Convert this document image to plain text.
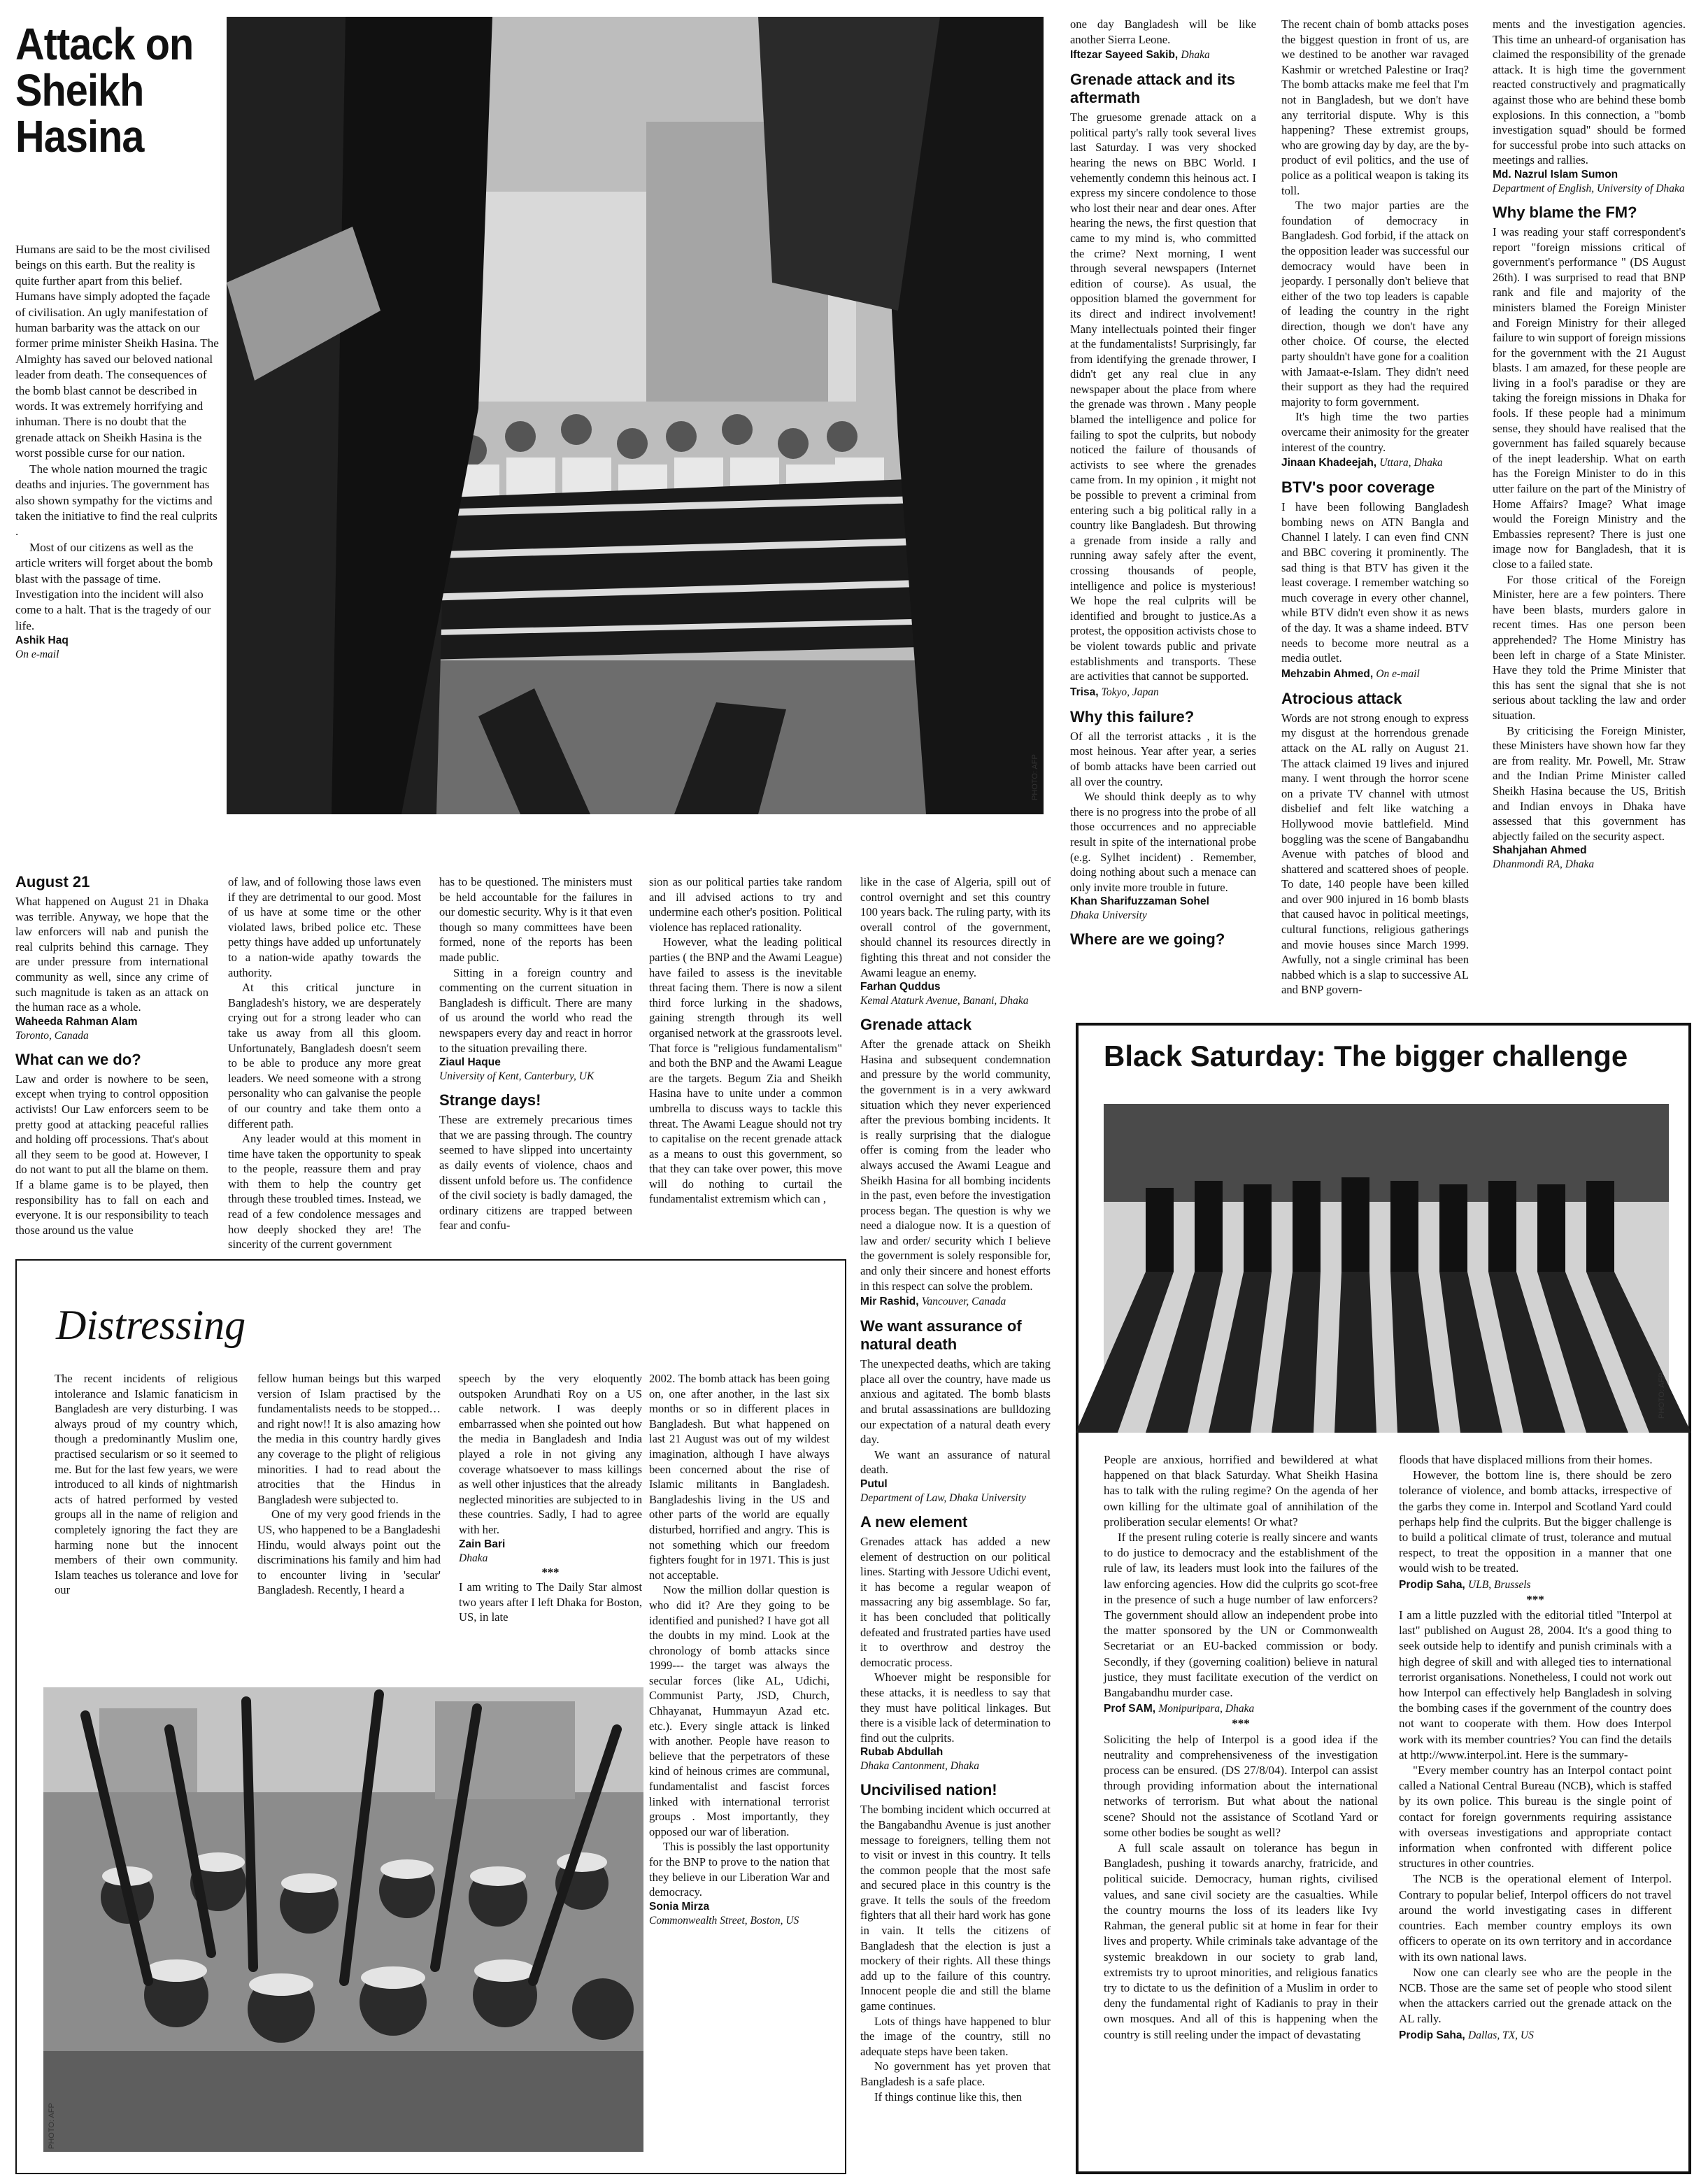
Attack on Sheikh Hasina

Humans are said to be the most civilised beings on this earth. But the reality is quite further apart from this belief. Humans have simply adopted the façade of civilisation. An ugly manifestation of human barbarity was the attack on our former prime minister Sheikh Hasina. The Almighty has saved our beloved national leader from death. The consequences of the bomb blast cannot be described in words. It was extremely horrifying and inhuman. There is no doubt that the grenade attack on Sheikh Hasina is the worst possible curse for our nation.

The whole nation mourned the tragic deaths and injuries. The government has also shown sympathy for the victims and taken the initiative to find the real culprits .

Most of our citizens as well as the article writers will forget about the bomb blast with the passage of time. Investigation into the incident will also come to a halt. That is the tragedy of our life.

Ashik Haq
On e-mail
PHOTO: AFP

one day Bangladesh will be like another Sierra Leone.

Iftezar Sayeed Sakib, Dhaka
Grenade attack and its aftermath

The gruesome grenade attack on a political party's rally took several lives last Saturday. I was very shocked hearing the news on BBC World. I vehemently condemn this heinous act. I express my sincere condolence to those who lost their near and dear ones. After hearing the news, the first question that came to my mind is, who committed the crime? Next morning, I went through several newspapers (Internet edition of course). As usual, the opposition blamed the government for its direct and indirect involvement! Many intellectuals pointed their finger at the fundamentalists! Surprisingly, far from identifying the grenade thrower, I didn't get any real clue in any newspaper about the place from where the grenade was thrown . Many people blamed the intelligence and police for failing to spot the culprits, but nobody noticed the failure of thousands of activists to see where the grenades came from. In my opinion , it might not be possible to prevent a criminal from entering such a big political rally in a country like Bangladesh. But throwing a grenade from inside a rally and running away safely after the event, crossing thousands of people, intelligence and police is mysterious! We hope the real culprits will be identified and brought to justice.As a protest, the opposition activists chose to be violent towards public and private establishments and transports. These are activities that cannot be supported.

Trisa, Tokyo, Japan
Why this failure?

Of all the terrorist attacks , it is the most heinous. Year after year, a series of bomb attacks have been carried out all over the country.

We should think deeply as to why there is no progress into the probe of all those occurrences and no appreciable result in spite of the international probe (e.g. Sylhet incident) . Remember, doing nothing about such a menace can only invite more trouble in future.

Khan Sharifuzzaman Sohel
Dhaka University
Where are we going?

The recent chain of bomb attacks poses the biggest question in front of us, are we destined to be another war ravaged Kashmir or wretched Palestine or Iraq? The bomb attacks make me feel that I'm not in Bangladesh, but we don't have any territorial dispute. Why is this happening? These extremist groups, who are growing day by day, are the by-product of evil politics, and the use of police as a political weapon is taking its toll.

The two major parties are the foundation of democracy in Bangladesh. God forbid, if the attack on the opposition leader was successful our democracy would have been in jeopardy. I personally don't believe that either of the two top leaders is capable of leading the country in the right direction, though we don't have any other choice. Of course, the elected party shouldn't have gone for a coalition with Jamaat-e-Islam. They didn't need their support as they had the required majority to form government.

It's high time the two parties overcame their animosity for the greater interest of the country.

Jinaan Khadeejah, Uttara, Dhaka
BTV's poor coverage

I have been following Bangladesh bombing news on ATN Bangla and Channel I lately. I can even find CNN and BBC covering it prominently. The sad thing is that BTV has given it the least coverage. I remember watching so much coverage in every other channel, while BTV didn't even show it as news of the day. It was a shame indeed. BTV needs to become more neutral as a media outlet.

Mehzabin Ahmed, On e-mail
Atrocious attack

Words are not strong enough to express my disgust at the horrendous grenade attack on the AL rally on August 21. The attack claimed 19 lives and injured many. I went through the horror scene on a private TV channel with utmost disbelief and felt like watching a Hollywood movie battlefield. Mind boggling was the scene of Bangabandhu Avenue with patches of blood and shattered and scattered shoes of people. To date, 140 people have been killed and over 900 injured in 16 bomb blasts that caused havoc in political meetings, cultural functions, religious gatherings and movie houses since March 1999. Awfully, not a single criminal has been nabbed which is a slap to successive AL and BNP govern-

ments and the investigation agencies. This time an unheard-of organisation has claimed the responsibility of the grenade attack. It is high time the government reacted constructively and pragmatically against those who are behind these bomb explosions. In this connection, a "bomb investigation squad" should be formed for successful probe into such attacks on meetings and rallies.

Md. Nazrul Islam Sumon
Department of English, University of Dhaka
Why blame the FM?

I was reading your staff correspondent's report "foreign missions critical of government's performance " (DS August 26th). I was surprised to read that BNP rank and file and majority of the ministers blamed the Foreign Minister and Foreign Ministry for their alleged failure to win support of foreign missions for the government with the 21 August blasts. I am amazed, for these people are living in a fool's paradise or they are taking the foreign missions in Dhaka for fools. If these people had a minimum sense, they should have realised that the government has failed squarely because of the inept leadership. What on earth has the Foreign Minister to do in this utter failure on the part of the Ministry of Home Affairs? Image? What image would the Foreign Ministry and the Embassies represent? There is just one image now for Bangladesh, that it is close to a failed state.

For those critical of the Foreign Minister, here are a few pointers. There have been blasts, murders galore in recent times. Has one person been apprehended? The Home Ministry has been left in charge of a State Minister. Have they told the Prime Minister that this has sent the signal that she is not serious about tackling the law and order situation.

By criticising the Foreign Minister, these Ministers have shown how far they are from reality. Mr. Powell, Mr. Straw and the Indian Prime Minister called Sheikh Hasina because the US, British and Indian envoys in Dhaka have assessed that this government has abjectly failed on the security aspect.

Shahjahan Ahmed
Dhanmondi RA, Dhaka
August 21

What happened on August 21 in Dhaka was terrible. Anyway, we hope that the law enforcers will nab and punish the real culprits behind this carnage. They are under pressure from international community as well, since any crime of such magnitude is taken as an attack on the human race as a whole.

Waheeda Rahman Alam
Toronto, Canada
What can we do?

Law and order is nowhere to be seen, except when trying to control opposition activists! Our Law enforcers seem to be pretty good at attacking peaceful rallies and holding off processions. That's about all they seem to be good at. However, I do not want to put all the blame on them. If a blame game is to be played, then responsibility has to fall on each and everyone. It is our responsibility to teach those around us the value

of law, and of following those laws even if they are detrimental to our good. Most of us have at some time or the other violated laws, bribed police etc. These petty things have added up unfortunately to a nation-wide apathy towards the authority.

At this critical juncture in Bangladesh's history, we are desperately crying out for a strong leader who can take us away from all this gloom. Unfortunately, Bangladesh doesn't seem to be able to produce any more great leaders. We need someone with a strong personality who can galvanise the people of our country and take them onto a different path.

Any leader would at this moment in time have taken the opportunity to speak to the people, reassure them and pray with them to help the country get through these troubled times. Instead, we read of a few condolence messages and how deeply shocked they are! The sincerity of the current government

has to be questioned. The ministers must be held accountable for the failures in our domestic security. Why is it that even though so many committees have been formed, none of the reports has been made public.

Sitting in a foreign country and commenting on the current situation in Bangladesh is difficult. There are many of us around the world who read the newspapers every day and react in horror to the situation prevailing there.

Ziaul Haque
University of Kent, Canterbury, UK
Strange days!

These are extremely precarious times that we are passing through. The country seemed to have slipped into uncertainty as daily events of violence, chaos and dissent unfold before us. The confidence of the civil society is badly damaged, the ordinary citizens are trapped between fear and confu-

sion as our political parties take random and ill advised actions to try and undermine each other's position. Political violence has replaced rationality.

However, what the leading political parties ( the BNP and the Awami League) have failed to assess is the inevitable threat facing them. There is now a silent third force lurking in the shadows, gaining strength through its well organised network at the grassroots level. That force is "religious fundamentalism" and both the BNP and the Awami League are the targets. Begum Zia and Sheikh Hasina have to unite under a common umbrella to discuss ways to tackle this threat. The Awami League should not try to capitalise on the recent grenade attack as a means to oust this government, so that they can take over power, this move will do nothing to curtail the fundamentalist extremism which can ,

like in the case of Algeria, spill out of control overnight and set this country 100 years back. The ruling party, with its overall control of the government, should channel its resources directly in fighting this threat and not consider the Awami league an enemy.

Farhan Quddus
Kemal Ataturk Avenue, Banani, Dhaka
Grenade attack

After the grenade attack on Sheikh Hasina and subsequent condemnation and pressure by the world community, the government is in a very awkward situation which they never experienced after the previous bombing incidents. It is really surprising that the dialogue offer is coming from the leader who always accused the Awami League and Sheikh Hasina for all bombing incidents in the past, even before the investigation process began. The question is why we need a dialogue now. It is a question of law and order/ security which I believe the government is solely responsible for, and only their sincere and honest efforts in this respect can solve the problem.

Mir Rashid, Vancouver, Canada
We want assurance of natural death

The unexpected deaths, which are taking place all over the country, have made us anxious and agitated. The bomb blasts and brutal assassinations are bulldozing our expectation of a natural death every day.

We want an assurance of natural death.

Putul
Department of Law, Dhaka University
A new element

Grenades attack has added a new element of destruction on our political lines. Starting with Jessore Udichi event, it has become a regular weapon of massacring any big assemblage. So far, it has been concluded that politically defeated and frustrated parties have used it to overthrow and destroy the democratic process.

Whoever might be responsible for these attacks, it is needless to say that they must have political linkages. But there is a visible lack of determination to find out the culprits.

Rubab Abdullah
Dhaka Cantonment, Dhaka
Uncivilised nation!

The bombing incident which occurred at the Bangabandhu Avenue is just another message to foreigners, telling them not to visit or invest in this country. It tells the common people that the most safe and secured place in this country is the grave. It tells the souls of the freedom fighters that all their hard work has gone in vain. It tells the citizens of Bangladesh that the election is just a mockery of their rights. All these things add up to the failure of this country. Innocent people die and still the blame game continues.

Lots of things have happened to blur the image of the country, still no adequate steps have been taken.

No government has yet proven that Bangladesh is a safe place.

If things continue like this, then

Distressing

The recent incidents of religious intolerance and Islamic fanaticism in Bangladesh are very disturbing. I was always proud of my country which, though a predominantly Muslim one, practised secularism or so it seemed to me. But for the last few years, we were introduced to all kinds of nightmarish acts of hatred performed by vested groups all in the name of religion and completely ignoring the fact they are harming none but the innocent members of their own community. Islam teaches us tolerance and love for our

fellow human beings but this warped version of Islam practised by the fundamentalists needs to be stopped…and right now!! It is also amazing how the media in this country hardly gives any coverage to the plight of religious minorities. I had to read about the atrocities that the Hindus in Bangladesh were subjected to.

One of my very good friends in the US, who happened to be a Bangladeshi Hindu, would always point out the discriminations his family and him had to encounter living in 'secular' Bangladesh. Recently, I heard a

speech by the very eloquently outspoken Arundhati Roy on a US cable network. I was deeply embarrassed when she pointed out how the media in Bangladesh and India played a role in not giving any coverage whatsoever to mass killings as well other injustices that the already neglected minorities are subjected to in these countries. Sadly, I had to agree with her.

Zain Bari
Dhaka
***

I am writing to The Daily Star almost two years after I left Dhaka for Boston, US, in late

2002. The bomb attack has been going on, one after another, in the last six months or so in different places in Bangladesh. But what happened on last 21 August was out of my wildest imagination, although I have always been concerned about the rise of Islamic militants in Bangladesh. Bangladeshis living in the US and other parts of the world are equally disturbed, horrified and angry. This is not something which our freedom fighters fought for in 1971. This is just not acceptable.

Now the million dollar question is who did it? Are they going to be identified and punished? I have got all the doubts in my mind. Look at the chronology of bomb attacks since 1999--- the target was always the secular forces (like AL, Udichi, Communist Party, JSD, Church, Chhayanat, Hummayun Azad etc. etc.). Every single attack is linked with another. People have reason to believe that the perpetrators of these kind of heinous crimes are communal, fundamentalist and fascist forces linked with international terrorist groups . Most importantly, they opposed our war of liberation.

This is possibly the last opportunity for the BNP to prove to the nation that they believe in our Liberation War and democracy.

Sonia Mirza
Commonwealth Street, Boston, US
PHOTO: AFP
Black Saturday: The bigger challenge
PHOTO: AFP

People are anxious, horrified and bewildered at what happened on that black Saturday. What Sheikh Hasina has to talk with the ruling regime? On the agenda of her own killing for the ultimate goal of annihilation of the proliberation secular elements! Or what?

If the present ruling coterie is really sincere and wants to do justice to democracy and the establishment of the rule of law, its leaders must look into the failures of the law enforcing agencies. How did the culprits go scot-free in the presence of such a huge number of law enforcers? The government should allow an independent probe into the matter sponsored by the UN or Commonwealth Secretariat or an EU-backed commission or body. Secondly, if they (governing coalition) believe in natural justice, they must facilitate execution of the verdict on Bangabandhu murder case.

Prof SAM, Monipuripara, Dhaka
***

Soliciting the help of Interpol is a good idea if the neutrality and comprehensiveness of the investigation process can be ensured. (DS 27/8/04). Interpol can assist through providing information about the international networks of terrorism. But what about the national scene? Should not the assistance of Scotland Yard or some other bodies be sought as well?

A full scale assault on tolerance has begun in Bangladesh, pushing it towards anarchy, fratricide, and political suicide. Democracy, human rights, civilised values, and sane civil society are the casualties. While the country mourns the loss of its leaders like Ivy Rahman, the general public sit at home in fear for their lives and property. While criminals take advantage of the systemic breakdown in our society to grab land, extremists try to uproot minorities, and religious fanatics try to dictate to us the definition of a Muslim in order to deny the fundamental right of Kadianis to pray in their own mosques. And all of this is happening when the country is still reeling under the impact of devastating

floods that have displaced millions from their homes.

However, the bottom line is, there should be zero tolerance of violence, and bomb attacks, irrespective of the garbs they come in. Interpol and Scotland Yard could perhaps help find the culprits. But the bigger challenge is to build a political climate of trust, tolerance and mutual respect, to treat the opposition in a manner that one would wish to be treated.

Prodip Saha, ULB, Brussels
***

I am a little puzzled with the editorial titled "Interpol at last" published on August 28, 2004. It's a good thing to seek outside help to identify and punish criminals with a high degree of skill and with alleged ties to international terrorist organisations. Nonetheless, I could not work out how Interpol can effectively help Bangladesh in solving the bombing cases if the government of the country does not want to cooperate with them. How does Interpol work with its member countries? You can find the details at http://www.interpol.int. Here is the summary-

"Every member country has an Interpol contact point called a National Central Bureau (NCB), which is staffed by its own police. This bureau is the single point of contact for foreign governments requiring assistance with overseas investigations and appropriate contact information when confronted with different police structures in other countries.

The NCB is the operational element of Interpol. Contrary to popular belief, Interpol officers do not travel around the world investigating cases in different countries. Each member country employs its own officers to operate on its own territory and in accordance with its own national laws.

Now one can clearly see who are the people in the NCB. Those are the same set of people who stood silent when the attackers carried out the grenade attack on the AL rally.

Prodip Saha, Dallas, TX, US
